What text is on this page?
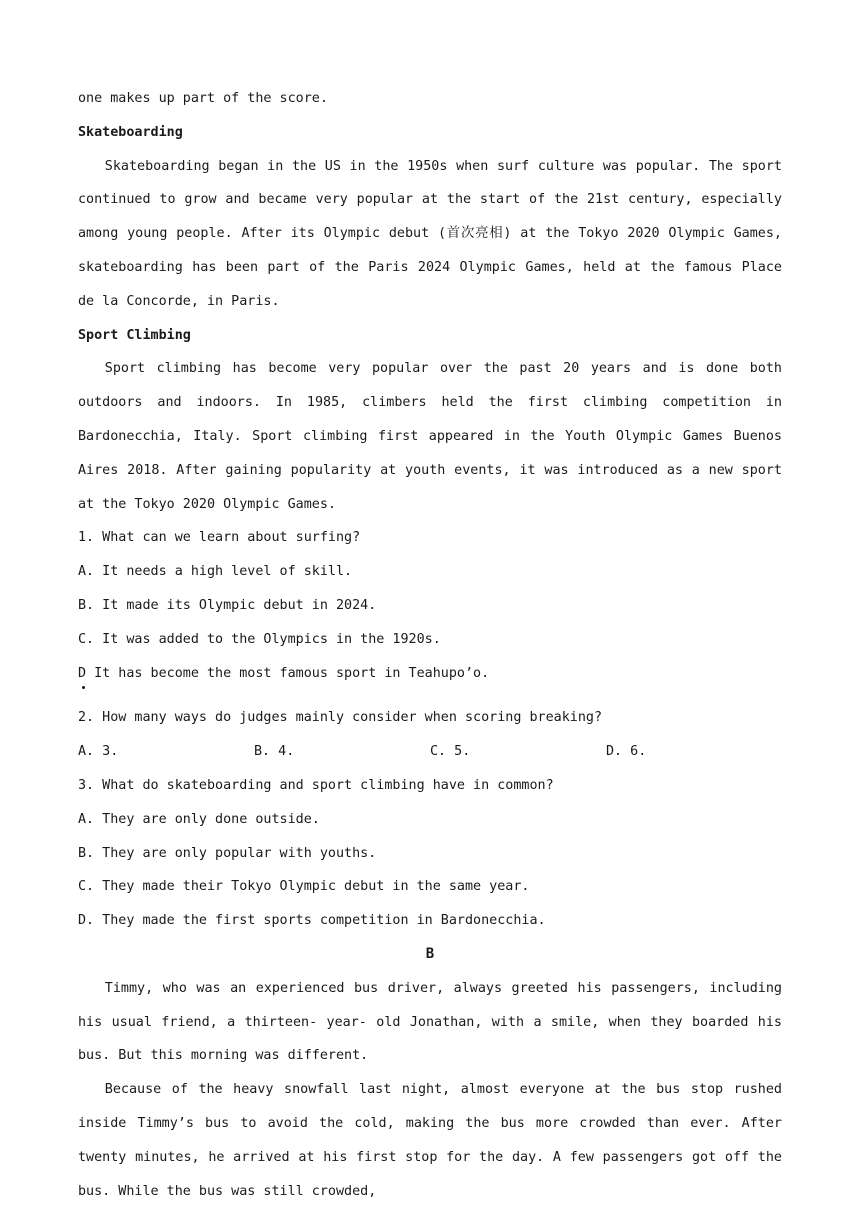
one makes up part of the score.
Skateboarding

Skateboarding began in the US in the 1950s when surf culture was popular. The sport continued to grow and became very popular at the start of the 21st century, especially among young people. After its Olympic debut (首次亮相) at the Tokyo 2020 Olympic Games, skateboarding has been part of the Paris 2024 Olympic Games, held at the famous Place de la Concorde, in Paris.

Sport Climbing

Sport climbing has become very popular over the past 20 years and is done both outdoors and indoors. In 1985, climbers held the first climbing competition in Bardonecchia, Italy. Sport climbing first appeared in the Youth Olympic Games Buenos Aires 2018. After gaining popularity at youth events, it was introduced as a new sport at the Tokyo 2020 Olympic Games.

1. What can we learn about surfing?
A. It needs a high level of skill.
B. It made its Olympic debut in 2024.
C. It was added to the Olympics in the 1920s.
D It has become the most famous sport in Teahupo’o.
2. How many ways do judges mainly consider when scoring breaking?
A. 3.	B. 4.	C. 5.	D. 6.
3. What do skateboarding and sport climbing have in common?
A. They are only done outside.
B. They are only popular with youths.
C. They made their Tokyo Olympic debut in the same year.
D. They made the first sports competition in Bardonecchia.
B

Timmy, who was an experienced bus driver, always greeted his passengers, including his usual friend, a thirteen- year- old Jonathan, with a smile, when they boarded his bus. But this morning was different.

Because of the heavy snowfall last night, almost everyone at the bus stop rushed inside Timmy’s bus to avoid the cold, making the bus more crowded than ever. After twenty minutes, he arrived at his first stop for the day. A few passengers got off the bus. While the bus was still crowded,
